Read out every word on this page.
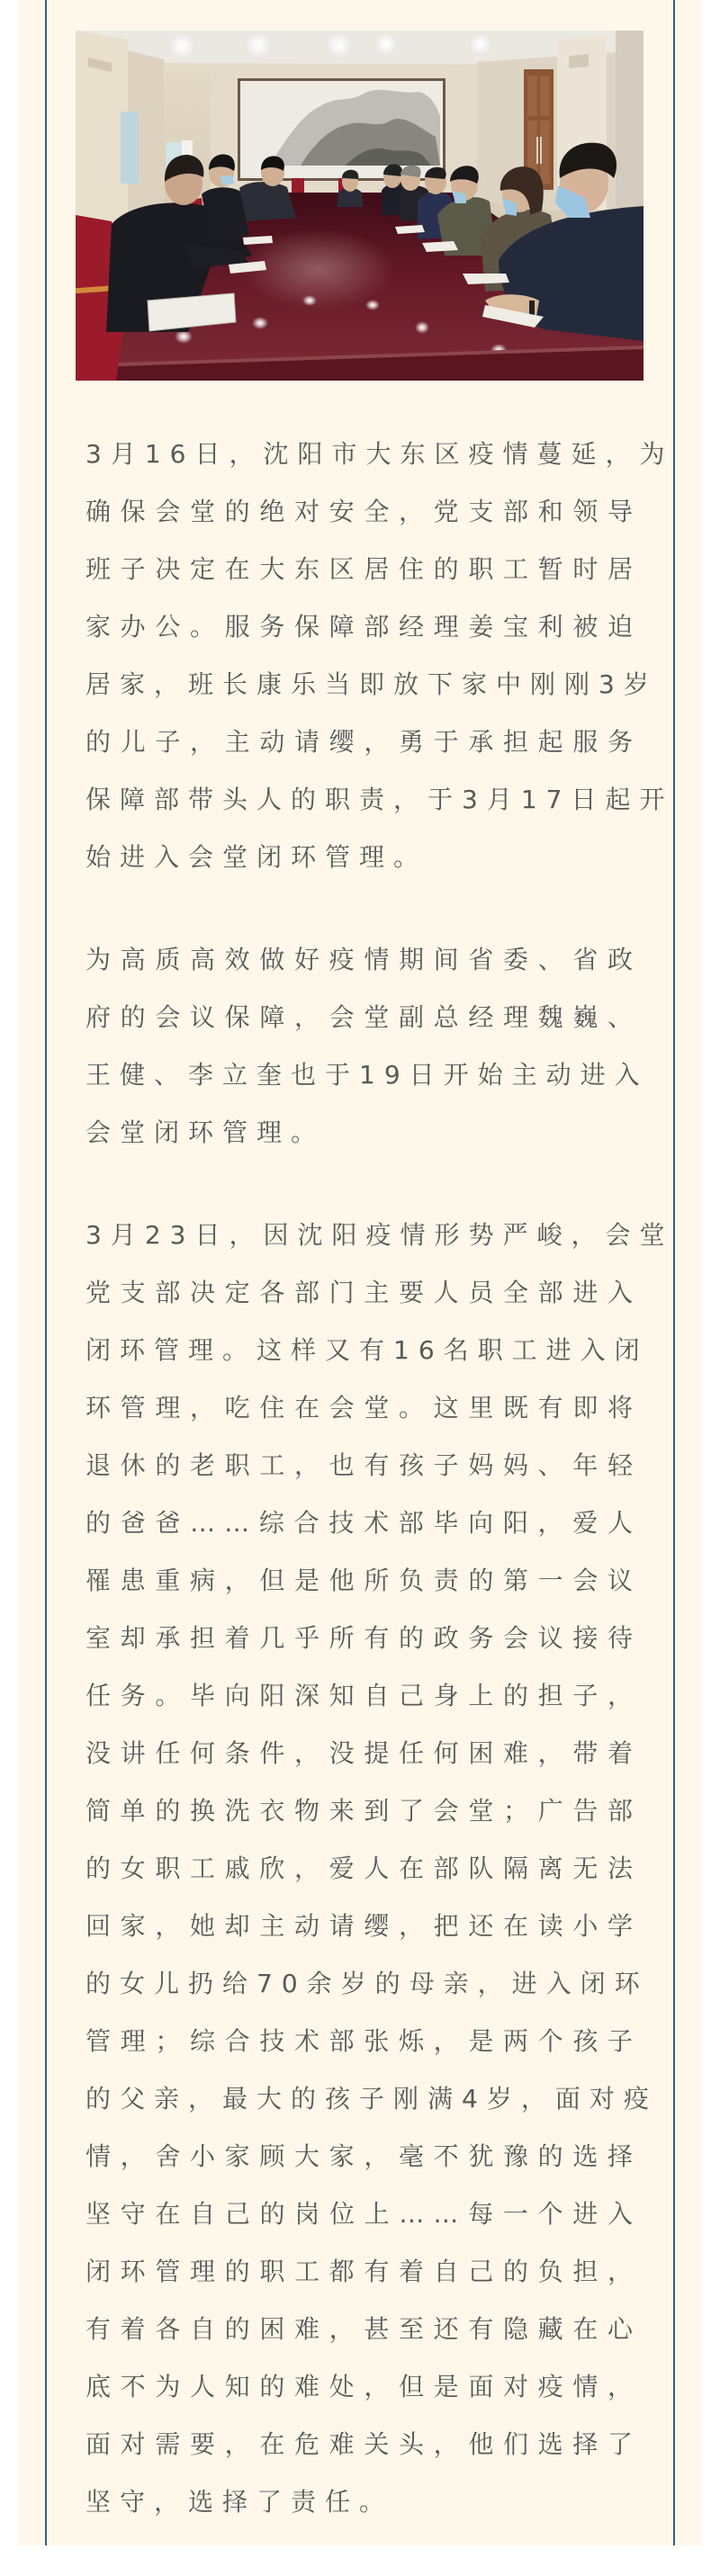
3月16日，沈阳市大东区疫情蔓延，为
确保会堂的绝对安全，党支部和领导
班子决定在大东区居住的职工暂时居
家办公。服务保障部经理姜宝利被迫
居家，班长康乐当即放下家中刚刚3岁
的儿子，主动请缨，勇于承担起服务
保障部带头人的职责，于3月17日起开
始进入会堂闭环管理。
为高质高效做好疫情期间省委、省政
府的会议保障，会堂副总经理魏巍、
王健、李立奎也于19日开始主动进入
会堂闭环管理。
3月23日，因沈阳疫情形势严峻，会堂
党支部决定各部门主要人员全部进入
闭环管理。这样又有16名职工进入闭
环管理，吃住在会堂。这里既有即将
退休的老职工，也有孩子妈妈、年轻
的爸爸……综合技术部毕向阳，爱人
罹患重病，但是他所负责的第一会议
室却承担着几乎所有的政务会议接待
任务。毕向阳深知自己身上的担子，
没讲任何条件，没提任何困难，带着
简单的换洗衣物来到了会堂；广告部
的女职工戚欣，爱人在部队隔离无法
回家，她却主动请缨，把还在读小学
的女儿扔给70余岁的母亲，进入闭环
管理；综合技术部张烁，是两个孩子
的父亲，最大的孩子刚满4岁，面对疫
情，舍小家顾大家，毫不犹豫的选择
坚守在自己的岗位上……每一个进入
闭环管理的职工都有着自己的负担，
有着各自的困难，甚至还有隐藏在心
底不为人知的难处，但是面对疫情，
面对需要，在危难关头，他们选择了
坚守，选择了责任。
